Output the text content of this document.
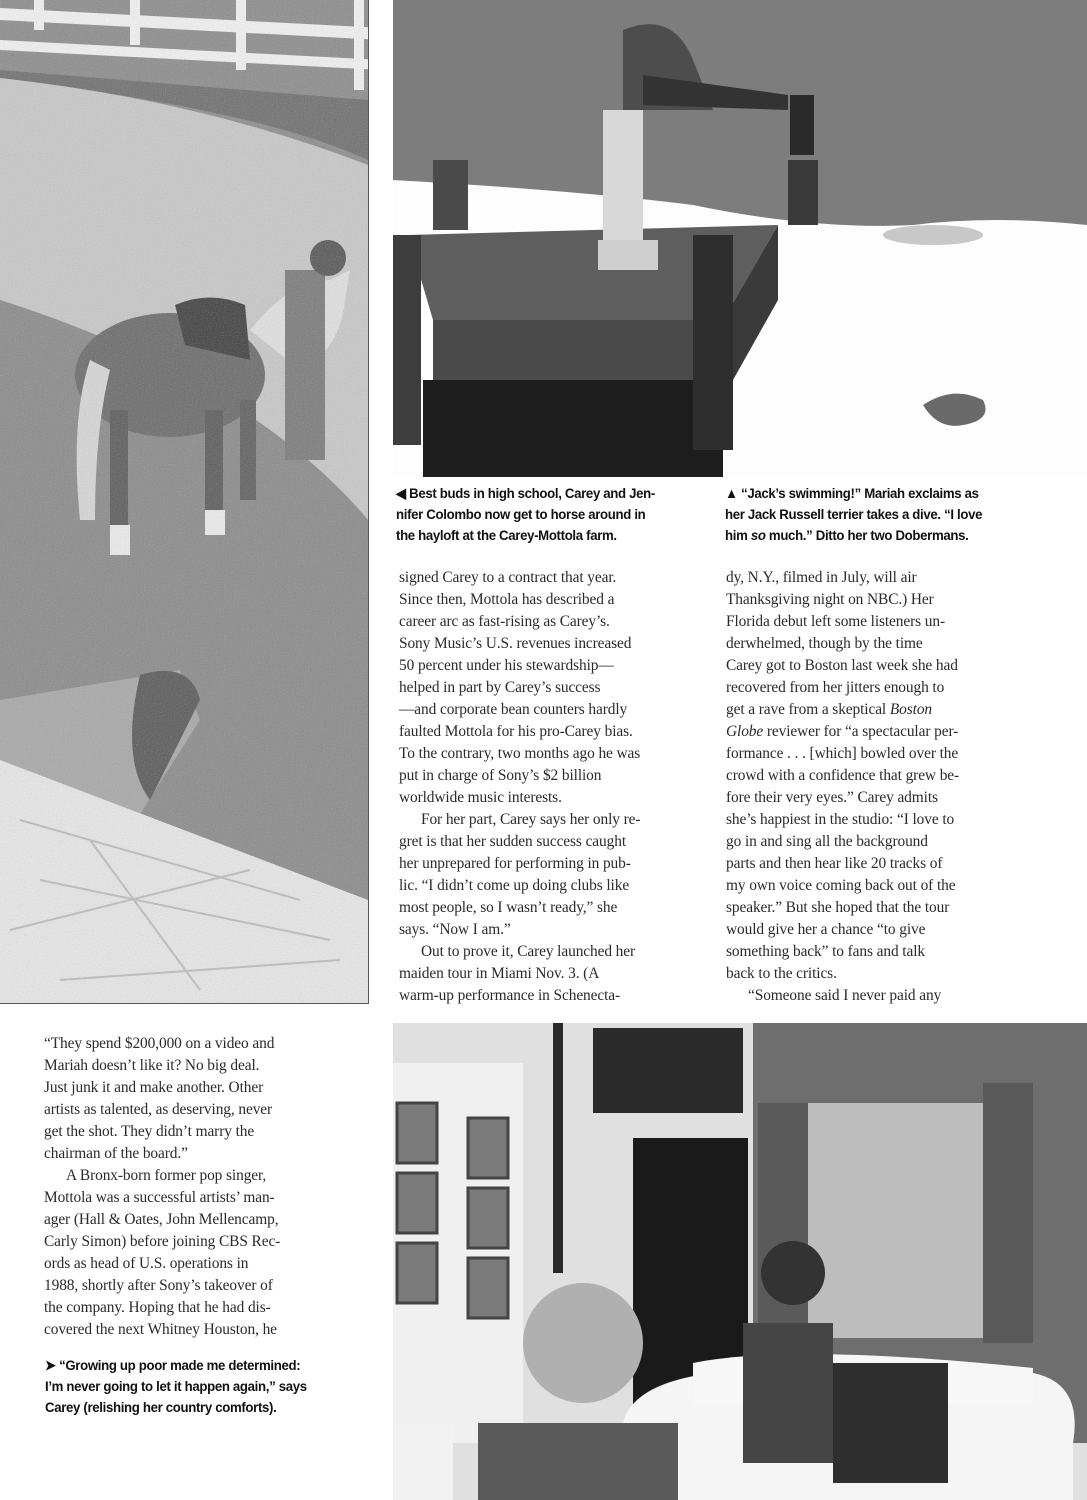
◀ Best buds in high school, Carey and Jen-
nifer Colombo now get to horse around in
the hayloft at the Carey-Mottola farm.
▲ “Jack’s swimming!” Mariah exclaims as
her Jack Russell terrier takes a dive. “I love
him so much.” Ditto her two Dobermans.
signed Carey to a contract that year.
Since then, Mottola has described a
career arc as fast-rising as Carey’s.
Sony Music’s U.S. revenues increased
50 percent under his stewardship—
helped in part by Carey’s success
—and corporate bean counters hardly
faulted Mottola for his pro-Carey bias.
To the contrary, two months ago he was
put in charge of Sony’s $2 billion
worldwide music interests.
For her part, Carey says her only re-
gret is that her sudden success caught
her unprepared for performing in pub-
lic. “I didn’t come up doing clubs like
most people, so I wasn’t ready,” she
says. “Now I am.”
Out to prove it, Carey launched her
maiden tour in Miami Nov. 3. (A
warm-up performance in Schenecta-
dy, N.Y., filmed in July, will air
Thanksgiving night on NBC.) Her
Florida debut left some listeners un-
derwhelmed, though by the time
Carey got to Boston last week she had
recovered from her jitters enough to
get a rave from a skeptical Boston
Globe reviewer for “a spectacular per-
formance . . . [which] bowled over the
crowd with a confidence that grew be-
fore their very eyes.” Carey admits
she’s happiest in the studio: “I love to
go in and sing all the background
parts and then hear like 20 tracks of
my own voice coming back out of the
speaker.” But she hoped that the tour
would give her a chance “to give
something back” to fans and talk
back to the critics.
“Someone said I never paid any
“They spend $200,000 on a video and
Mariah doesn’t like it? No big deal.
Just junk it and make another. Other
artists as talented, as deserving, never
get the shot. They didn’t marry the
chairman of the board.”
A Bronx-born former pop singer,
Mottola was a successful artists’ man-
ager (Hall & Oates, John Mellencamp,
Carly Simon) before joining CBS Rec-
ords as head of U.S. operations in
1988, shortly after Sony’s takeover of
the company. Hoping that he had dis-
covered the next Whitney Houston, he
➤ “Growing up poor made me determined:
I’m never going to let it happen again,” says
Carey (relishing her country comforts).
